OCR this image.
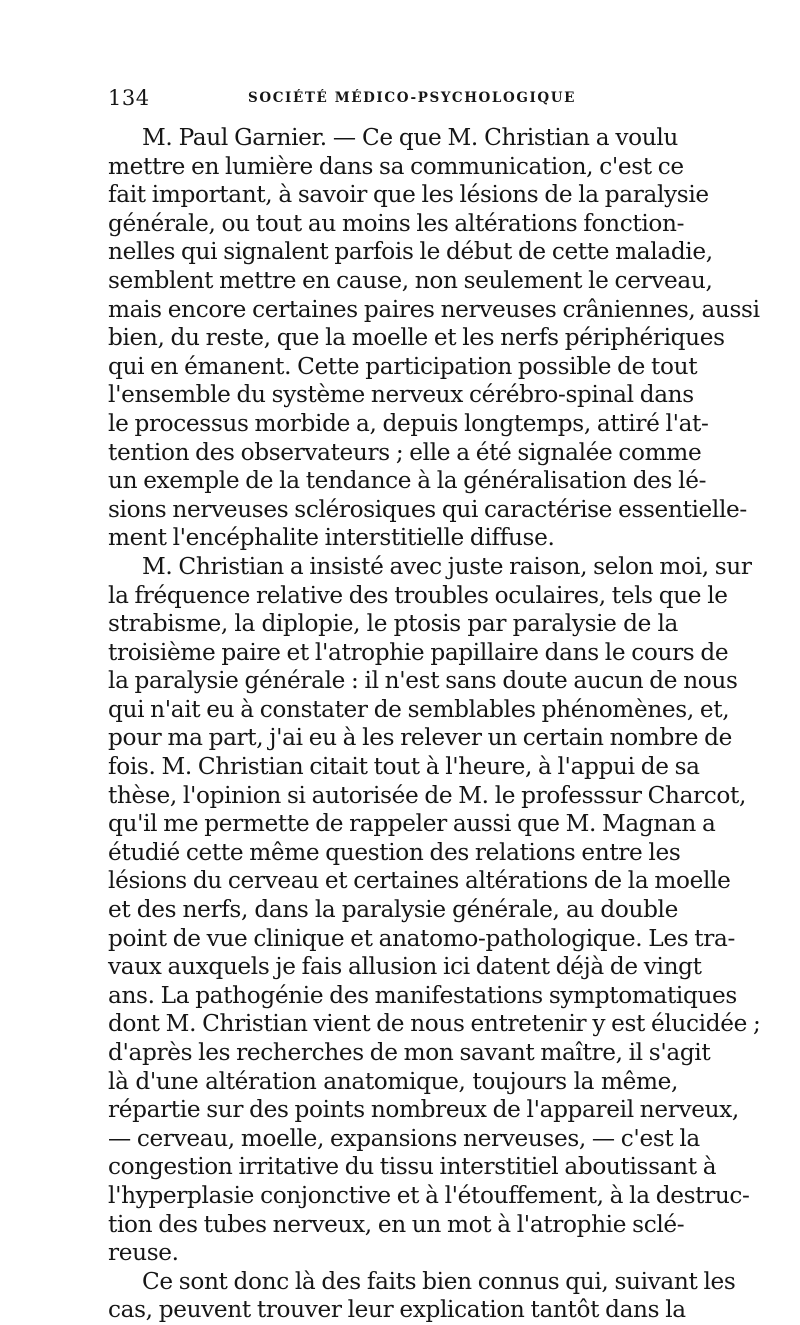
134	SOCIÉTÉ MÉDICO-PSYCHOLOGIQUE
M. Paul Garnier. — Ce que M. Christian a voulu
mettre en lumière dans sa communication, c'est ce
fait important, à savoir que les lésions de la paralysie
générale, ou tout au moins les altérations fonction-
nelles qui signalent parfois le début de cette maladie,
semblent mettre en cause, non seulement le cerveau,
mais encore certaines paires nerveuses crâniennes, aussi
bien, du reste, que la moelle et les nerfs périphériques
qui en émanent. Cette participation possible de tout
l'ensemble du système nerveux cérébro-spinal dans
le processus morbide a, depuis longtemps, attiré l'at-
tention des observateurs ; elle a été signalée comme
un exemple de la tendance à la généralisation des lé-
sions nerveuses sclérosiques qui caractérise essentielle-
ment l'encéphalite interstitielle diffuse.
M. Christian a insisté avec juste raison, selon moi, sur
la fréquence relative des troubles oculaires, tels que le
strabisme, la diplopie, le ptosis par paralysie de la
troisième paire et l'atrophie papillaire dans le cours de
la paralysie générale : il n'est sans doute aucun de nous
qui n'ait eu à constater de semblables phénomènes, et,
pour ma part, j'ai eu à les relever un certain nombre de
fois. M. Christian citait tout à l'heure, à l'appui de sa
thèse, l'opinion si autorisée de M. le professsur Charcot,
qu'il me permette de rappeler aussi que M. Magnan a
étudié cette même question des relations entre les
lésions du cerveau et certaines altérations de la moelle
et des nerfs, dans la paralysie générale, au double
point de vue clinique et anatomo-pathologique. Les tra-
vaux auxquels je fais allusion ici datent déjà de vingt
ans. La pathogénie des manifestations symptomatiques
dont M. Christian vient de nous entretenir y est élucidée ;
d'après les recherches de mon savant maître, il s'agit
là d'une altération anatomique, toujours la même,
répartie sur des points nombreux de l'appareil nerveux,
— cerveau, moelle, expansions nerveuses, — c'est la
congestion irritative du tissu interstitiel aboutissant à
l'hyperplasie conjonctive et à l'étouffement, à la destruc-
tion des tubes nerveux, en un mot à l'atrophie sclé-
reuse.
Ce sont donc là des faits bien connus qui, suivant les
cas, peuvent trouver leur explication tantôt dans la
